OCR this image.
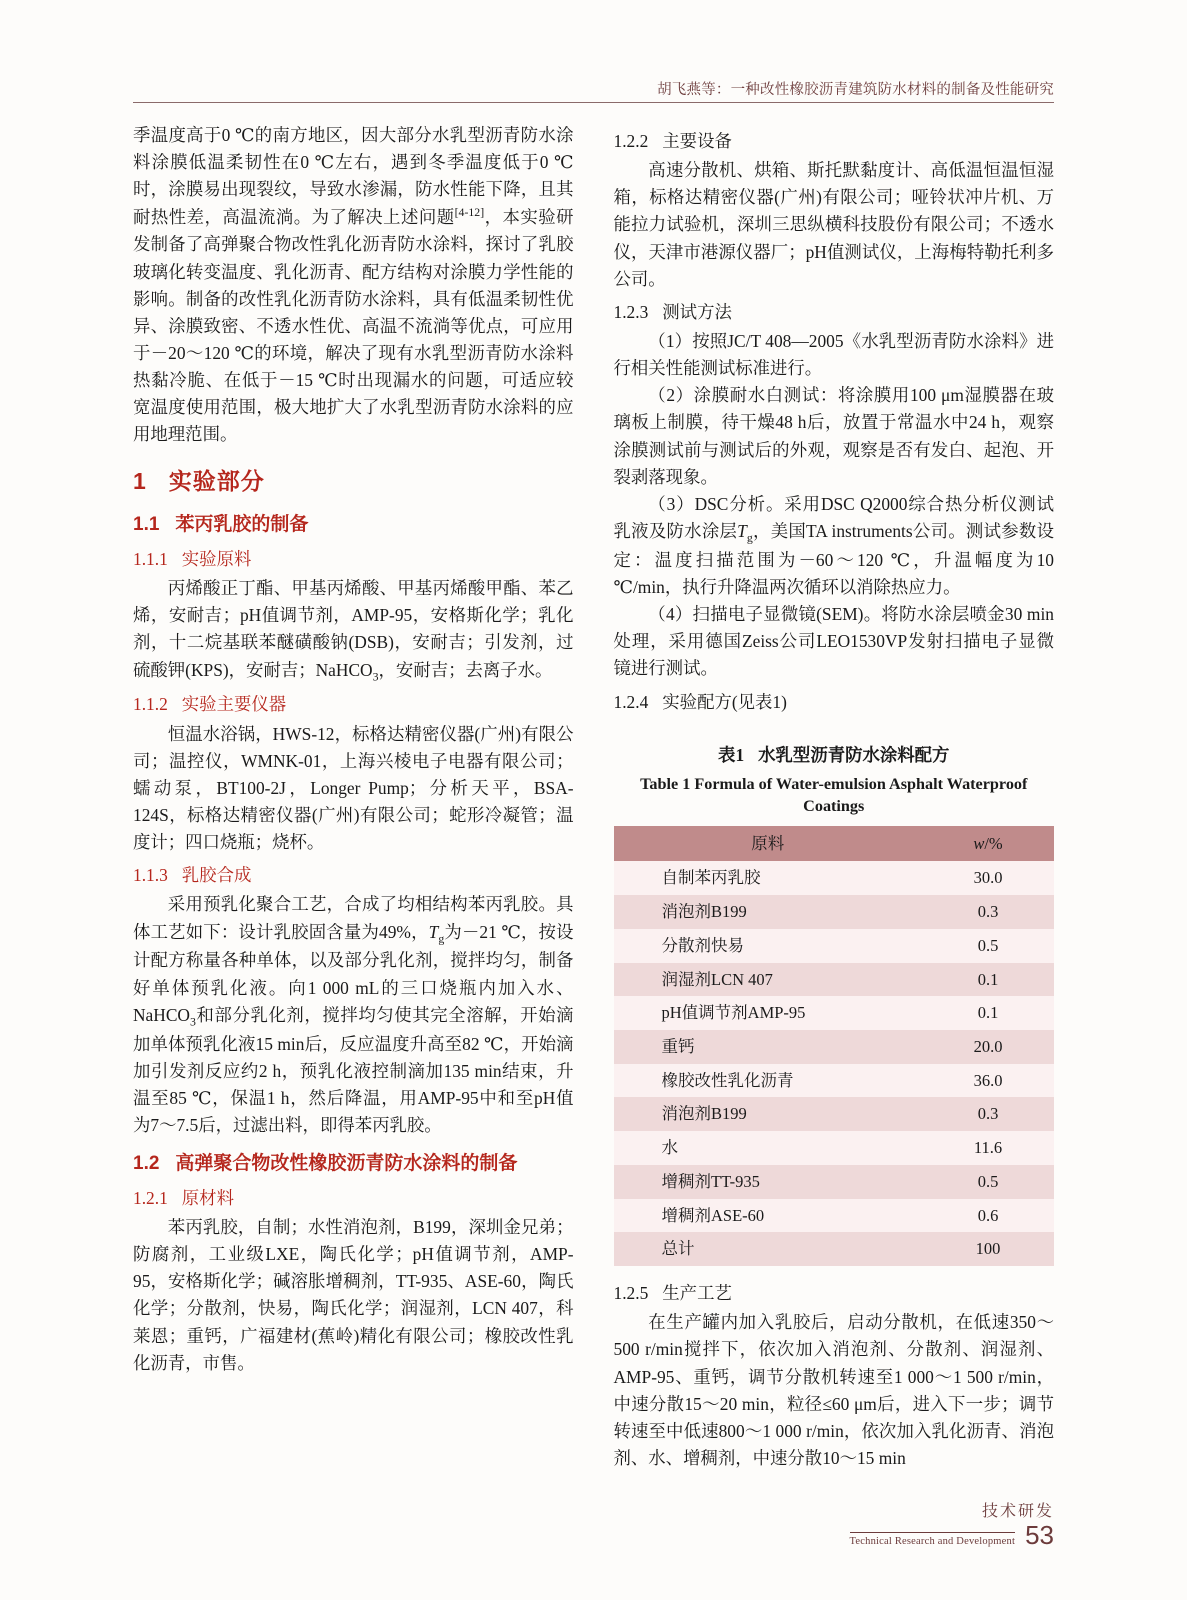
胡飞燕等：一种改性橡胶沥青建筑防水材料的制备及性能研究

季温度高于0 ℃的南方地区，因大部分水乳型沥青防水涂料涂膜低温柔韧性在0 ℃左右，遇到冬季温度低于0 ℃时，涂膜易出现裂纹，导致水渗漏，防水性能下降，且其耐热性差，高温流淌。为了解决上述问题[4-12]，本实验研发制备了高弹聚合物改性乳化沥青防水涂料，探讨了乳胶玻璃化转变温度、乳化沥青、配方结构对涂膜力学性能的影响。制备的改性乳化沥青防水涂料，具有低温柔韧性优异、涂膜致密、不透水性优、高温不流淌等优点，可应用于－20～120 ℃的环境，解决了现有水乳型沥青防水涂料热黏冷脆、在低于－15 ℃时出现漏水的问题，可适应较宽温度使用范围，极大地扩大了水乳型沥青防水涂料的应用地理范围。

1 实验部分
1.1 苯丙乳胶的制备
1.1.1 实验原料

丙烯酸正丁酯、甲基丙烯酸、甲基丙烯酸甲酯、苯乙烯，安耐吉；pH值调节剂，AMP-95，安格斯化学；乳化剂，十二烷基联苯醚磺酸钠(DSB)，安耐吉；引发剂，过硫酸钾(KPS)，安耐吉；NaHCO$_3$，安耐吉；去离子水。

1.1.2 实验主要仪器

恒温水浴锅，HWS-12，标格达精密仪器(广州)有限公司；温控仪，WMNK-01，上海兴棱电子电器有限公司；蠕动泵，BT100-2J，Longer Pump；分析天平，BSA-124S，标格达精密仪器(广州)有限公司；蛇形冷凝管；温度计；四口烧瓶；烧杯。

1.1.3 乳胶合成

采用预乳化聚合工艺，合成了均相结构苯丙乳胶。具体工艺如下：设计乳胶固含量为49%，$T_g$为－21 ℃，按设计配方称量各种单体，以及部分乳化剂，搅拌均匀，制备好单体预乳化液。向1 000 mL的三口烧瓶内加入水、NaHCO$_3$和部分乳化剂，搅拌均匀使其完全溶解，开始滴加单体预乳化液15 min后，反应温度升高至82 ℃，开始滴加引发剂反应约2 h，预乳化液控制滴加135 min结束，升温至85 ℃，保温1 h，然后降温，用AMP-95中和至pH值为7～7.5后，过滤出料，即得苯丙乳胶。

1.2 高弹聚合物改性橡胶沥青防水涂料的制备
1.2.1 原材料

苯丙乳胶，自制；水性消泡剂，B199，深圳金兄弟；防腐剂，工业级LXE，陶氏化学；pH值调节剂，AMP-95，安格斯化学；碱溶胀增稠剂，TT-935、ASE-60，陶氏化学；分散剂，快易，陶氏化学；润湿剂，LCN 407，科莱恩；重钙，广福建材(蕉岭)精化有限公司；橡胶改性乳化沥青，市售。

1.2.2 主要设备

高速分散机、烘箱、斯托默黏度计、高低温恒温恒湿箱，标格达精密仪器(广州)有限公司；哑铃状冲片机、万能拉力试验机，深圳三思纵横科技股份有限公司；不透水仪，天津市港源仪器厂；pH值测试仪，上海梅特勒托利多公司。

1.2.3 测试方法

（1）按照JC/T 408—2005《水乳型沥青防水涂料》进行相关性能测试标准进行。

（2）涂膜耐水白测试：将涂膜用100 μm湿膜器在玻璃板上制膜，待干燥48 h后，放置于常温水中24 h，观察涂膜测试前与测试后的外观，观察是否有发白、起泡、开裂剥落现象。

（3）DSC分析。采用DSC Q2000综合热分析仪测试乳液及防水涂层$T_g$，美国TA instruments公司。测试参数设定：温度扫描范围为－60～120 ℃，升温幅度为10 ℃/min，执行升降温两次循环以消除热应力。

（4）扫描电子显微镜(SEM)。将防水涂层喷金30 min处理，采用德国Zeiss公司LEO1530VP发射扫描电子显微镜进行测试。

1.2.4 实验配方(见表1)
表1 水乳型沥青防水涂料配方
Table 1 Formula of Water-emulsion Asphalt Waterproof Coatings
原料	w/%
自制苯丙乳胶	30.0
消泡剂B199	0.3
分散剂快易	0.5
润湿剂LCN 407	0.1
pH值调节剂AMP-95	0.1
重钙	20.0
橡胶改性乳化沥青	36.0
消泡剂B199	0.3
水	11.6
增稠剂TT-935	0.5
增稠剂ASE-60	0.6
总计	100
1.2.5 生产工艺

在生产罐内加入乳胶后，启动分散机，在低速350～500 r/min搅拌下，依次加入消泡剂、分散剂、润湿剂、AMP-95、重钙，调节分散机转速至1 000～1 500 r/min，中速分散15～20 min，粒径≤60 μm后，进入下一步；调节转速至中低速800～1 000 r/min，依次加入乳化沥青、消泡剂、水、增稠剂，中速分散10～15 min

技术研发
Technical Research and Development 53
